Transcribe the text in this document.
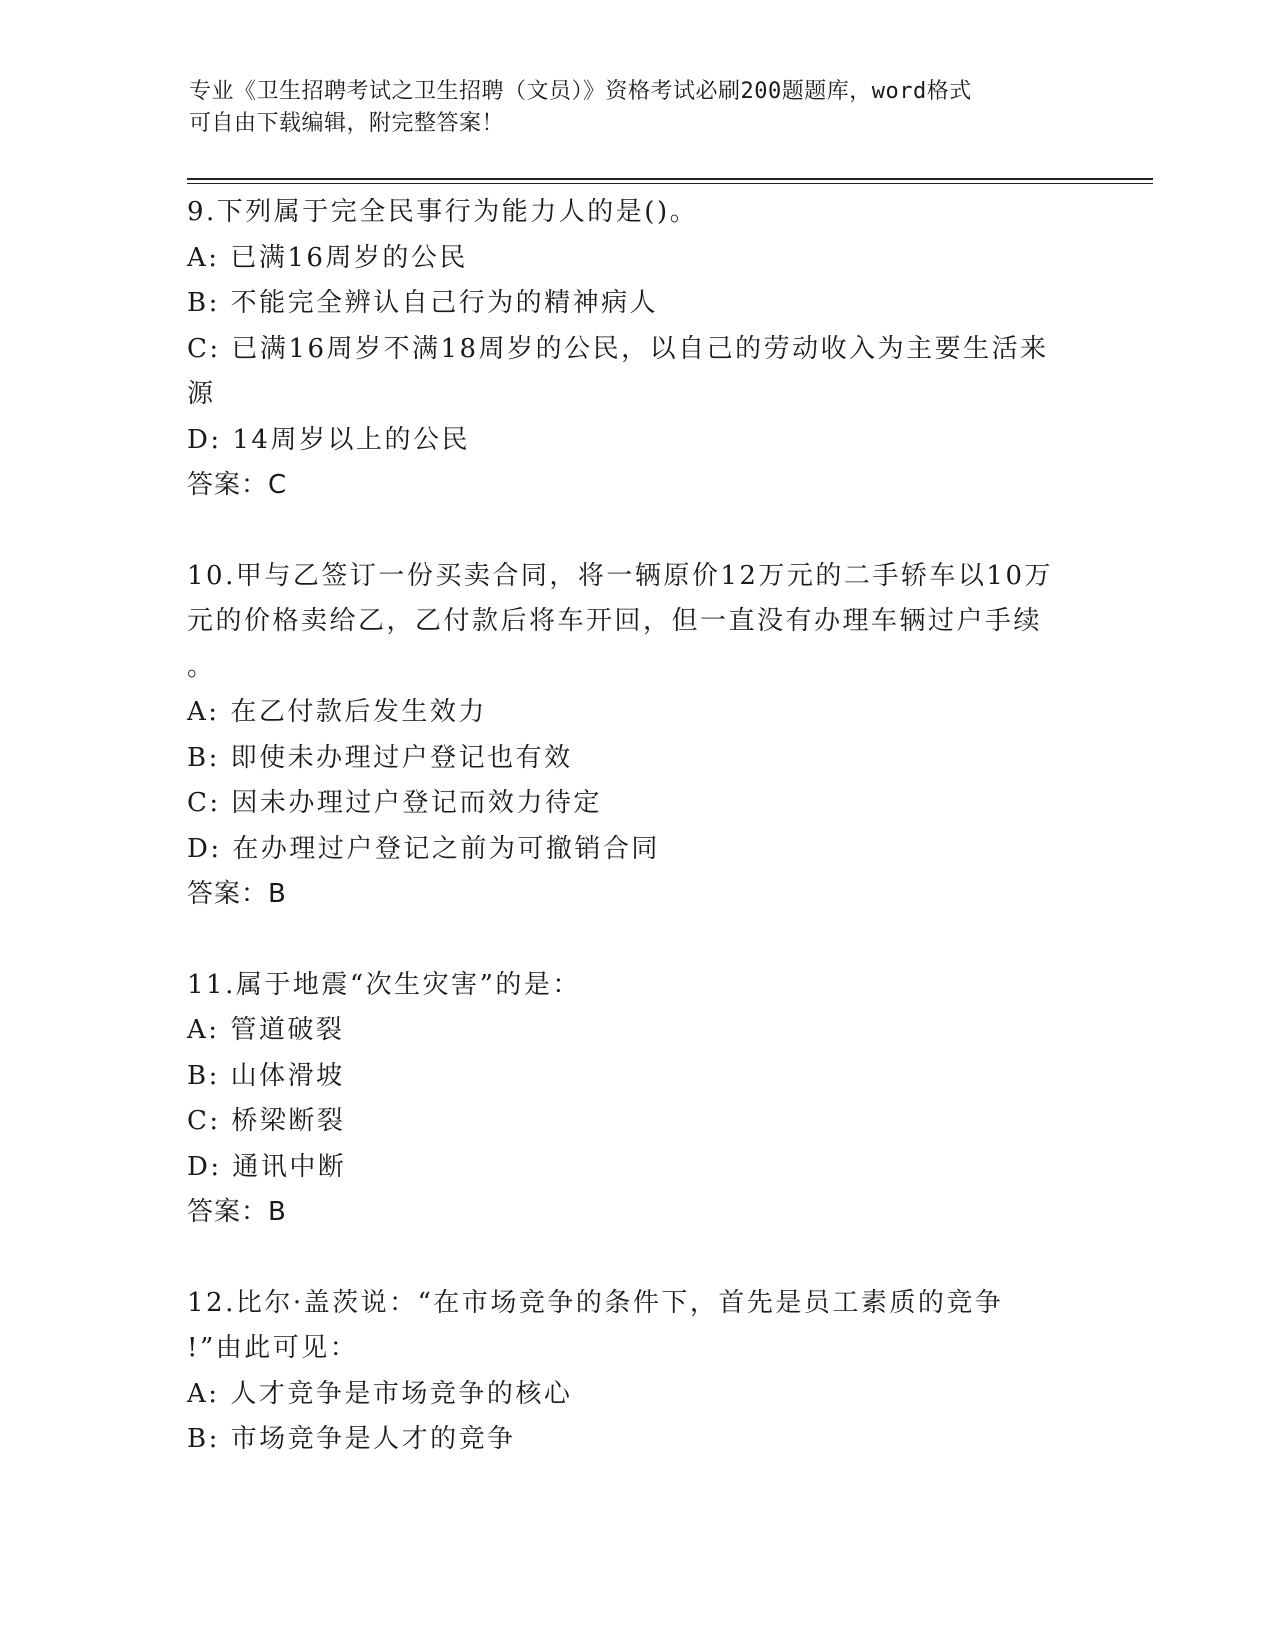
专业《卫生招聘考试之卫生招聘（文员）》资格考试必刷200题题库，word格式
可自由下载编辑，附完整答案！
9.下列属于完全民事行为能力人的是()。
A: 已满16周岁的公民
B: 不能完全辨认自己行为的精神病人
C: 已满16周岁不满18周岁的公民，以自己的劳动收入为主要生活来
源
D: 14周岁以上的公民
答案：C
10.甲与乙签订一份买卖合同，将一辆原价12万元的二手轿车以10万
元的价格卖给乙，乙付款后将车开回，但一直没有办理车辆过户手续
。
A: 在乙付款后发生效力
B: 即使未办理过户登记也有效
C: 因未办理过户登记而效力待定
D: 在办理过户登记之前为可撤销合同
答案：B
11.属于地震“次生灾害”的是：
A: 管道破裂
B: 山体滑坡
C: 桥梁断裂
D: 通讯中断
答案：B
12.比尔·盖茨说：“在市场竞争的条件下，首先是员工素质的竞争
!”由此可见：
A: 人才竞争是市场竞争的核心
B: 市场竞争是人才的竞争
